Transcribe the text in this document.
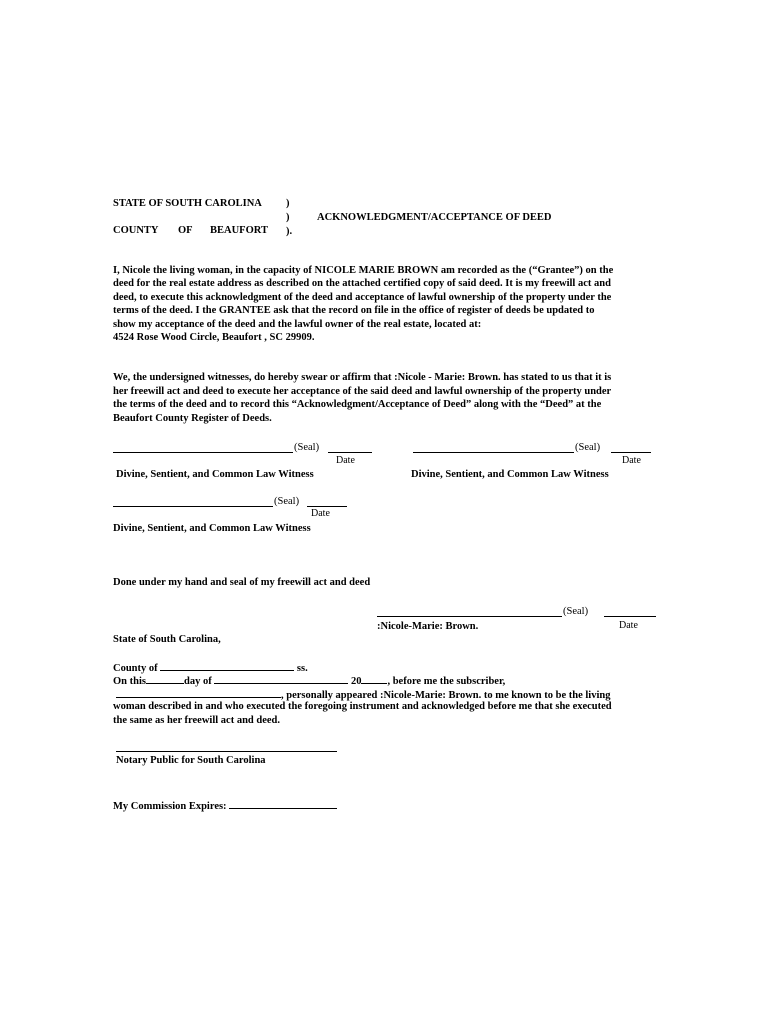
STATE OF SOUTH CAROLINA )
)	ACKNOWLEDGMENT/ACCEPTANCE OF DEED
COUNTY OF BEAUFORT ).
I, Nicole the living woman, in the capacity of NICOLE MARIE BROWN am recorded as the (“Grantee”) on the
deed for the real estate address as described on the attached certified copy of said deed. It is my freewill act and
deed, to execute this acknowledgment of the deed and acceptance of lawful ownership of the property under the
terms of the deed. I the GRANTEE ask that the record on file in the office of register of deeds be updated to
show my acceptance of the deed and the lawful owner of the real estate, located at:
4524 Rose Wood Circle, Beaufort , SC 29909.
We, the undersigned witnesses, do hereby swear or affirm that :Nicole - Marie: Brown. has stated to us that it is
her freewill act and deed to execute her acceptance of the said deed and lawful ownership of the property under
the terms of the deed and to record this “Acknowledgment/Acceptance of Deed” along with the “Deed” at the
Beaufort County Register of Deeds.
(Seal)
Date
Divine, Sentient, and Common Law Witness
(Seal)
Date
Divine, Sentient, and Common Law Witness
(Seal)
Date
Divine, Sentient, and Common Law Witness
Done under my hand and seal of my freewill act and deed
(Seal)
:Nicole-Marie: Brown.	Date
State of South Carolina,
County of	ss.
On this	day of	20 , before me the subscriber,
, personally appeared :Nicole-Marie: Brown. to me known to be the living
woman described in and who executed the foregoing instrument and acknowledged before me that she executed
the same as her freewill act and deed.
Notary Public for South Carolina
My Commission Expires:
